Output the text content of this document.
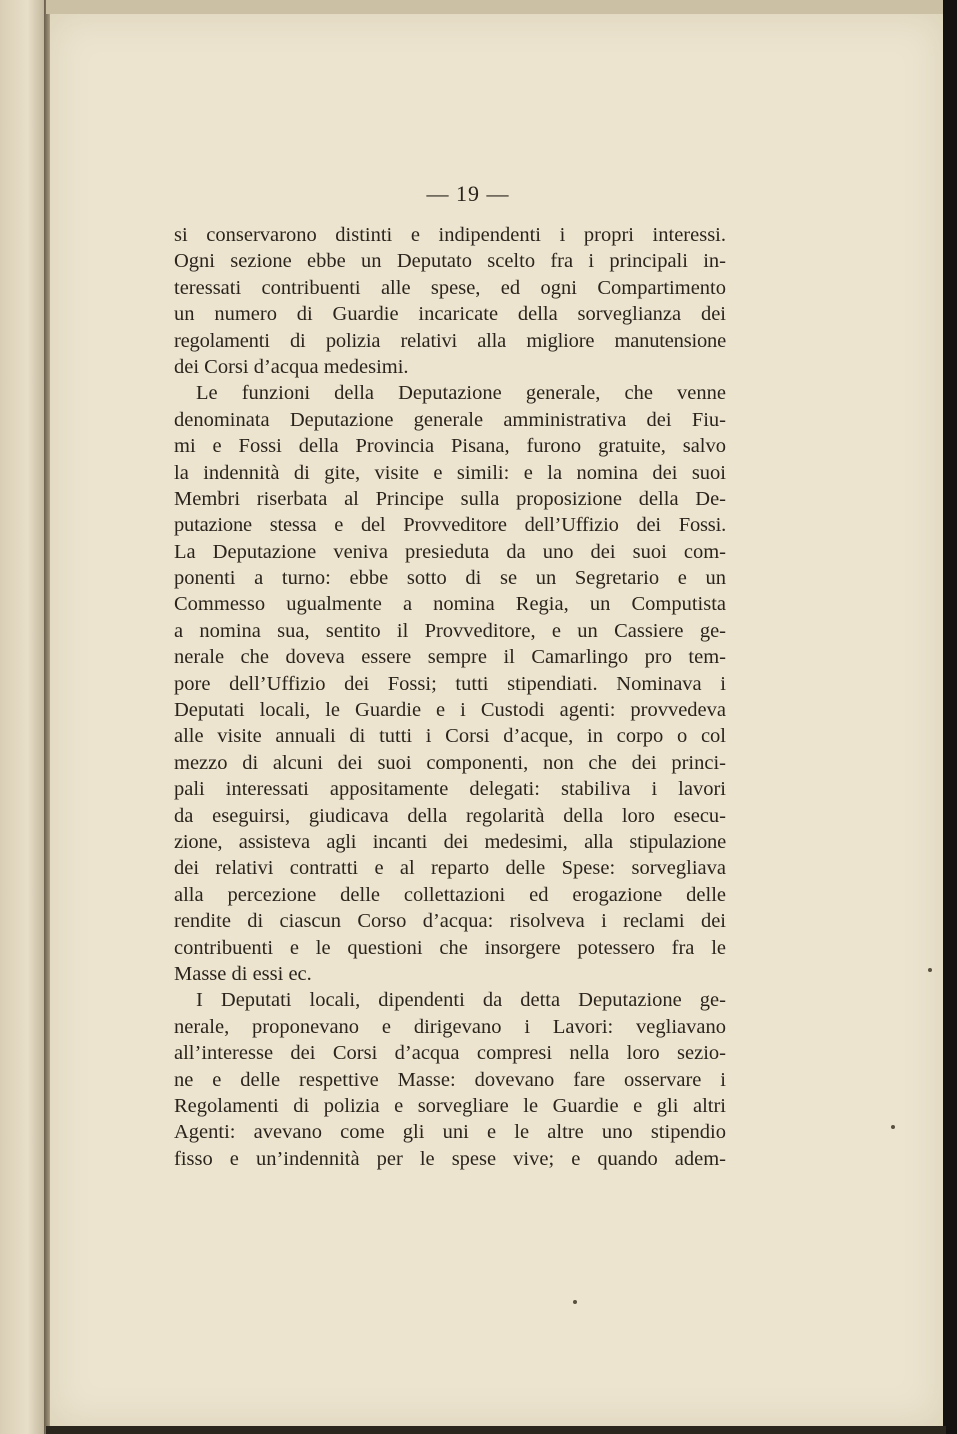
— 19 —
si conservarono distinti e indipendenti i propri interessi.
Ogni sezione ebbe un Deputato scelto fra i principali in-
teressati contribuenti alle spese, ed ogni Compartimento
un numero di Guardie incaricate della sorveglianza dei
regolamenti di polizia relativi alla migliore manutensione
dei Corsi d’acqua medesimi.
Le funzioni della Deputazione generale, che venne
denominata Deputazione generale amministrativa dei Fiu-
mi e Fossi della Provincia Pisana, furono gratuite, salvo
la indennità di gite, visite e simili: e la nomina dei suoi
Membri riserbata al Principe sulla proposizione della De-
putazione stessa e del Provveditore dell’Uffizio dei Fossi.
La Deputazione veniva presieduta da uno dei suoi com-
ponenti a turno: ebbe sotto di se un Segretario e un
Commesso ugualmente a nomina Regia, un Computista
a nomina sua, sentito il Provveditore, e un Cassiere ge-
nerale che doveva essere sempre il Camarlingo pro tem-
pore dell’Uffizio dei Fossi; tutti stipendiati. Nominava i
Deputati locali, le Guardie e i Custodi agenti: provvedeva
alle visite annuali di tutti i Corsi d’acque, in corpo o col
mezzo di alcuni dei suoi componenti, non che dei princi-
pali interessati appositamente delegati: stabiliva i lavori
da eseguirsi, giudicava della regolarità della loro esecu-
zione, assisteva agli incanti dei medesimi, alla stipulazione
dei relativi contratti e al reparto delle Spese: sorvegliava
alla percezione delle collettazioni ed erogazione delle
rendite di ciascun Corso d’acqua: risolveva i reclami dei
contribuenti e le questioni che insorgere potessero fra le
Masse di essi ec.
I Deputati locali, dipendenti da detta Deputazione ge-
nerale, proponevano e dirigevano i Lavori: vegliavano
all’interesse dei Corsi d’acqua compresi nella loro sezio-
ne e delle respettive Masse: dovevano fare osservare i
Regolamenti di polizia e sorvegliare le Guardie e gli altri
Agenti: avevano come gli uni e le altre uno stipendio
fisso e un’indennità per le spese vive; e quando adem-
